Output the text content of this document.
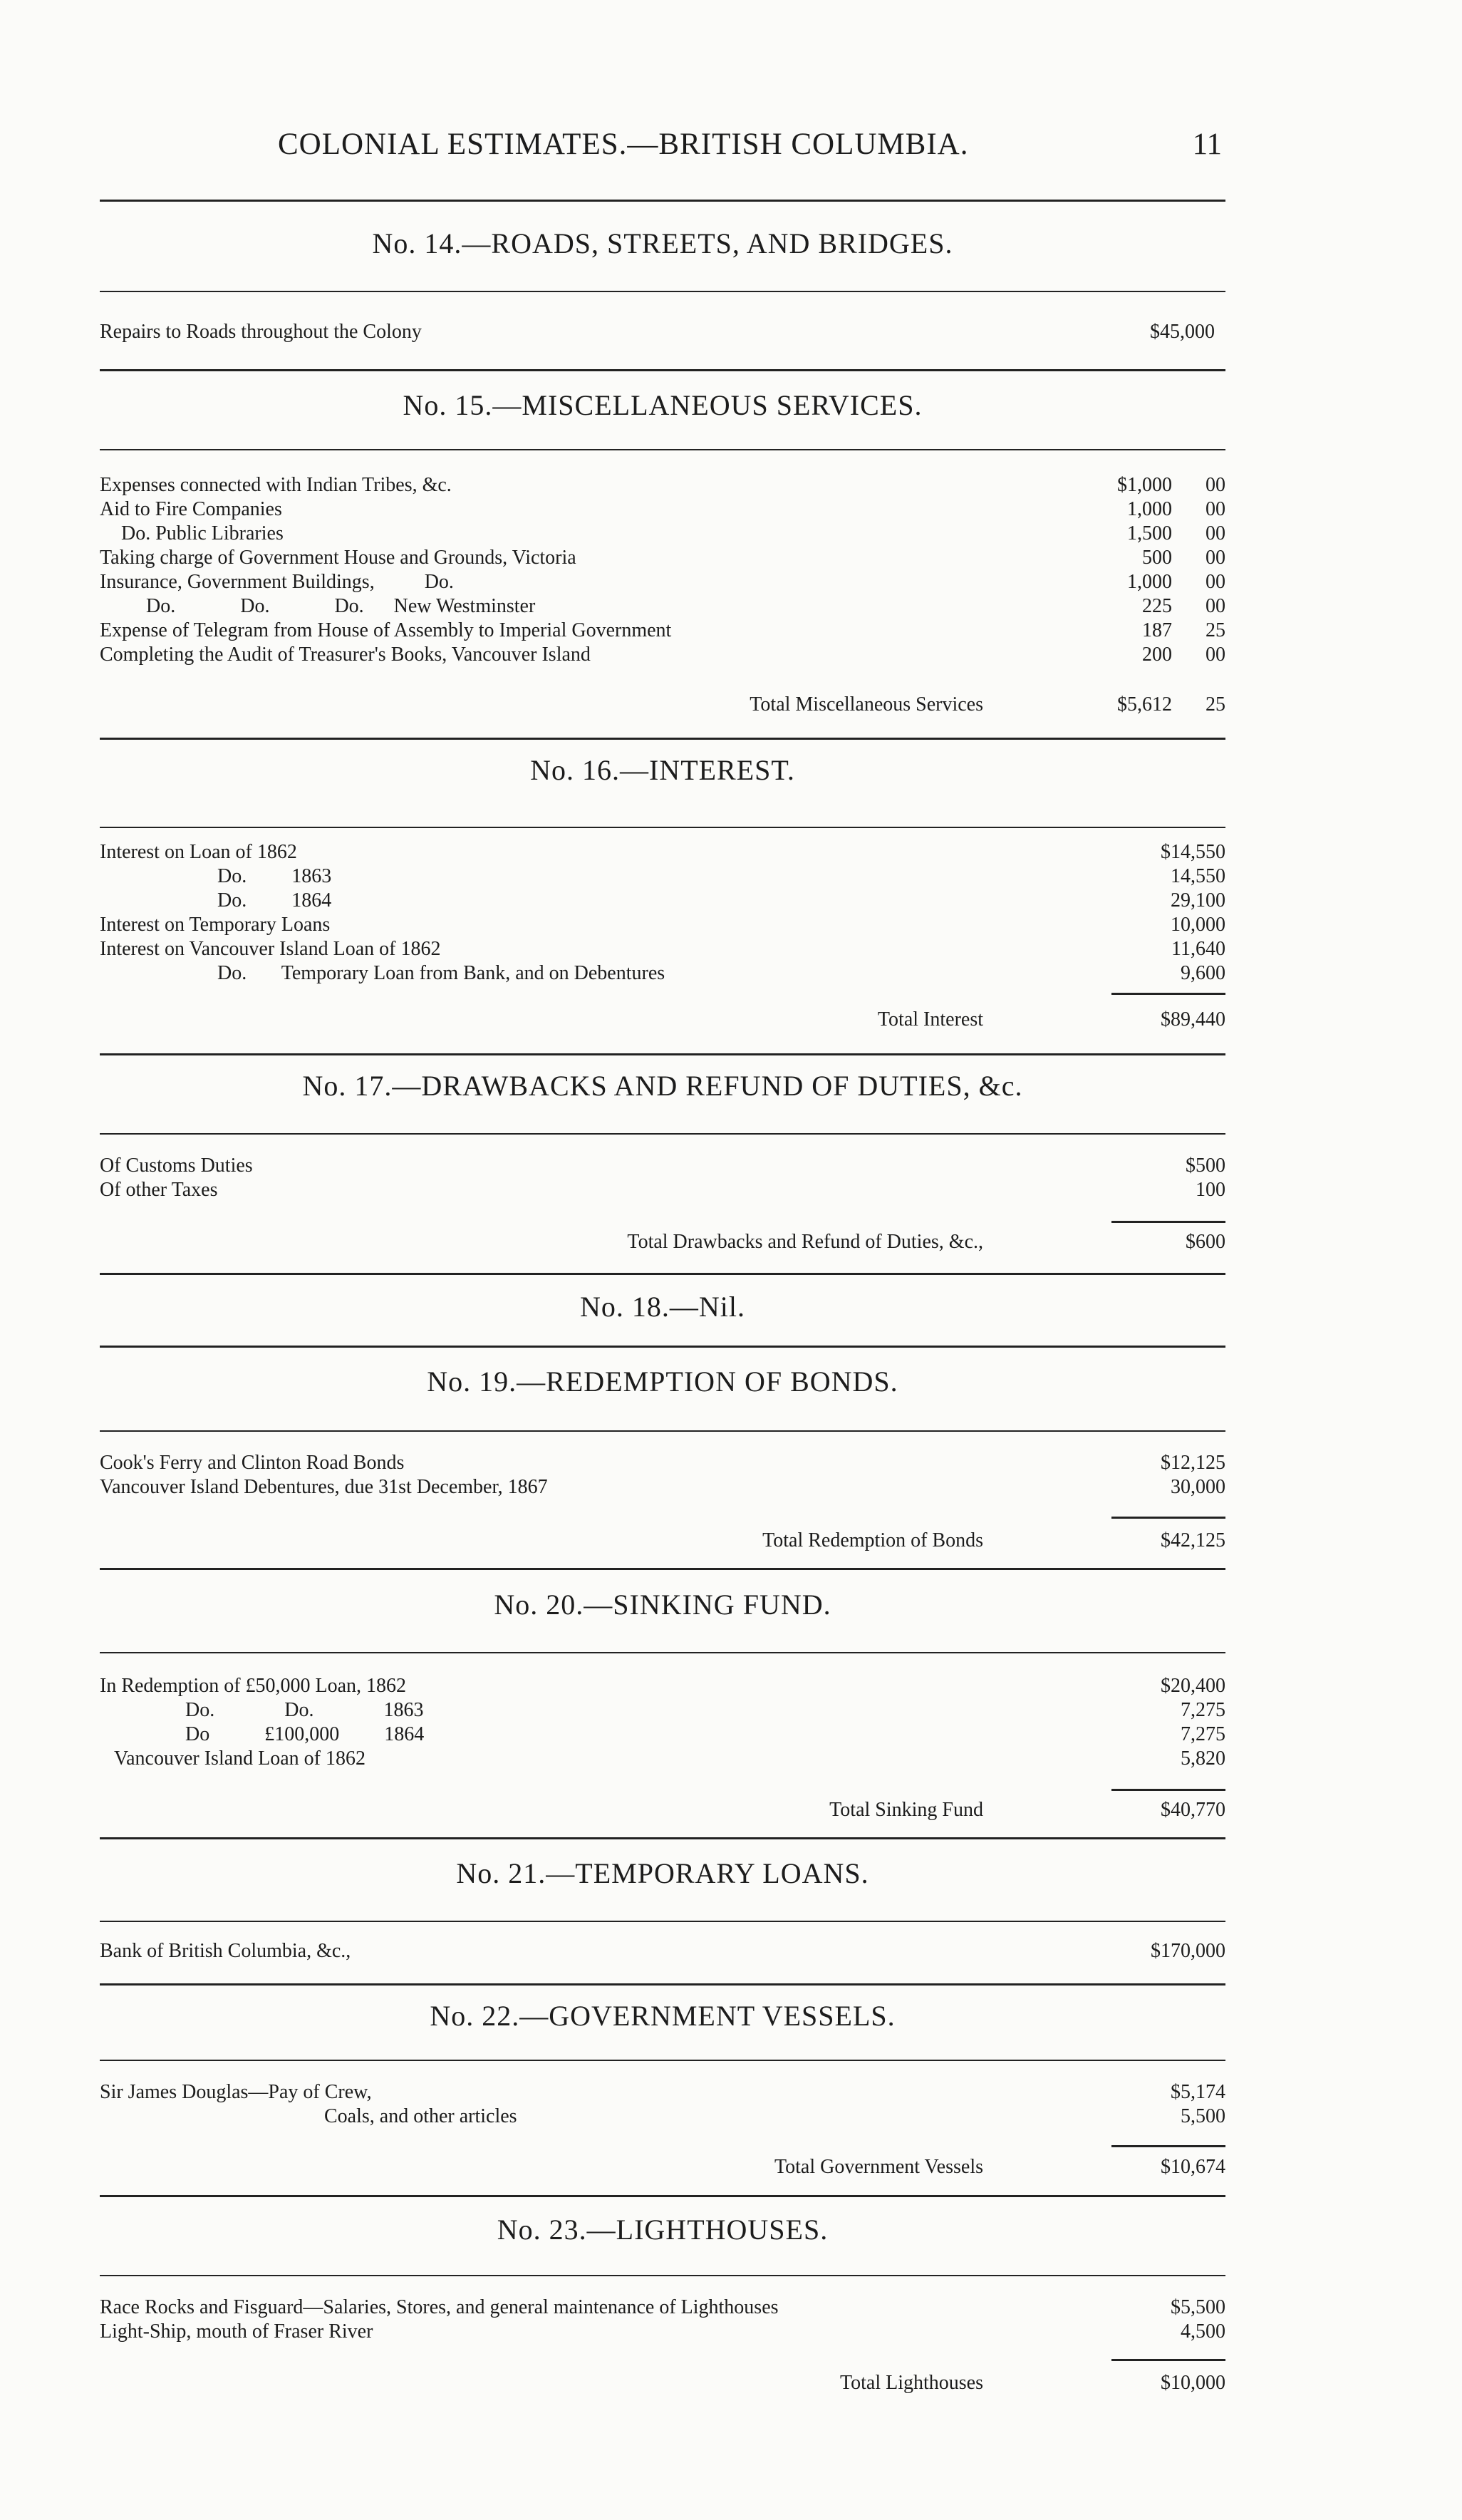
COLONIAL ESTIMATES.—BRITISH COLUMBIA.	11
No. 14.—ROADS, STREETS, AND BRIDGES.
Repairs to Roads throughout the Colony	$45,000
No. 15.—MISCELLANEOUS SERVICES.
Expenses connected with Indian Tribes, &c.	$1,000	00
Aid to Fire Companies	1,000	00
Do. Public Libraries	1,500	00
Taking charge of Government House and Grounds, Victoria	500	00
Insurance, Government Buildings,          Do.	1,000	00
Do.             Do.             Do.      New Westminster	225	00
Expense of Telegram from House of Assembly to Imperial Government	187	25
Completing the Audit of Treasurer's Books, Vancouver Island	200	00
Total Miscellaneous Services	$5,612	25
No. 16.—INTEREST.
Interest on Loan of 1862	$14,550
Do.         1863	14,550
Do.         1864	29,100
Interest on Temporary Loans	10,000
Interest on Vancouver Island Loan of 1862	11,640
Do.       Temporary Loan from Bank, and on Debentures	9,600
Total Interest	$89,440
No. 17.—DRAWBACKS AND REFUND OF DUTIES, &c.
Of Customs Duties	$500
Of other Taxes	100
Total Drawbacks and Refund of Duties, &c.,	$600
No. 18.—Nil.
No. 19.—REDEMPTION OF BONDS.
Cook's Ferry and Clinton Road Bonds	$12,125
Vancouver Island Debentures, due 31st December, 1867	30,000
Total Redemption of Bonds	$42,125
No. 20.—SINKING FUND.
In Redemption of £50,000 Loan, 1862	$20,400
Do.              Do.              1863	7,275
Do           £100,000         1864	7,275
Vancouver Island Loan of 1862	5,820
Total Sinking Fund	$40,770
No. 21.—TEMPORARY LOANS.
Bank of British Columbia, &c.,	$170,000
No. 22.—GOVERNMENT VESSELS.
Sir James Douglas—Pay of Crew,	$5,174
Coals, and other articles	5,500
Total Government Vessels	$10,674
No. 23.—LIGHTHOUSES.
Race Rocks and Fisguard—Salaries, Stores, and general maintenance of Lighthouses	$5,500
Light-Ship, mouth of Fraser River	4,500
Total Lighthouses	$10,000
